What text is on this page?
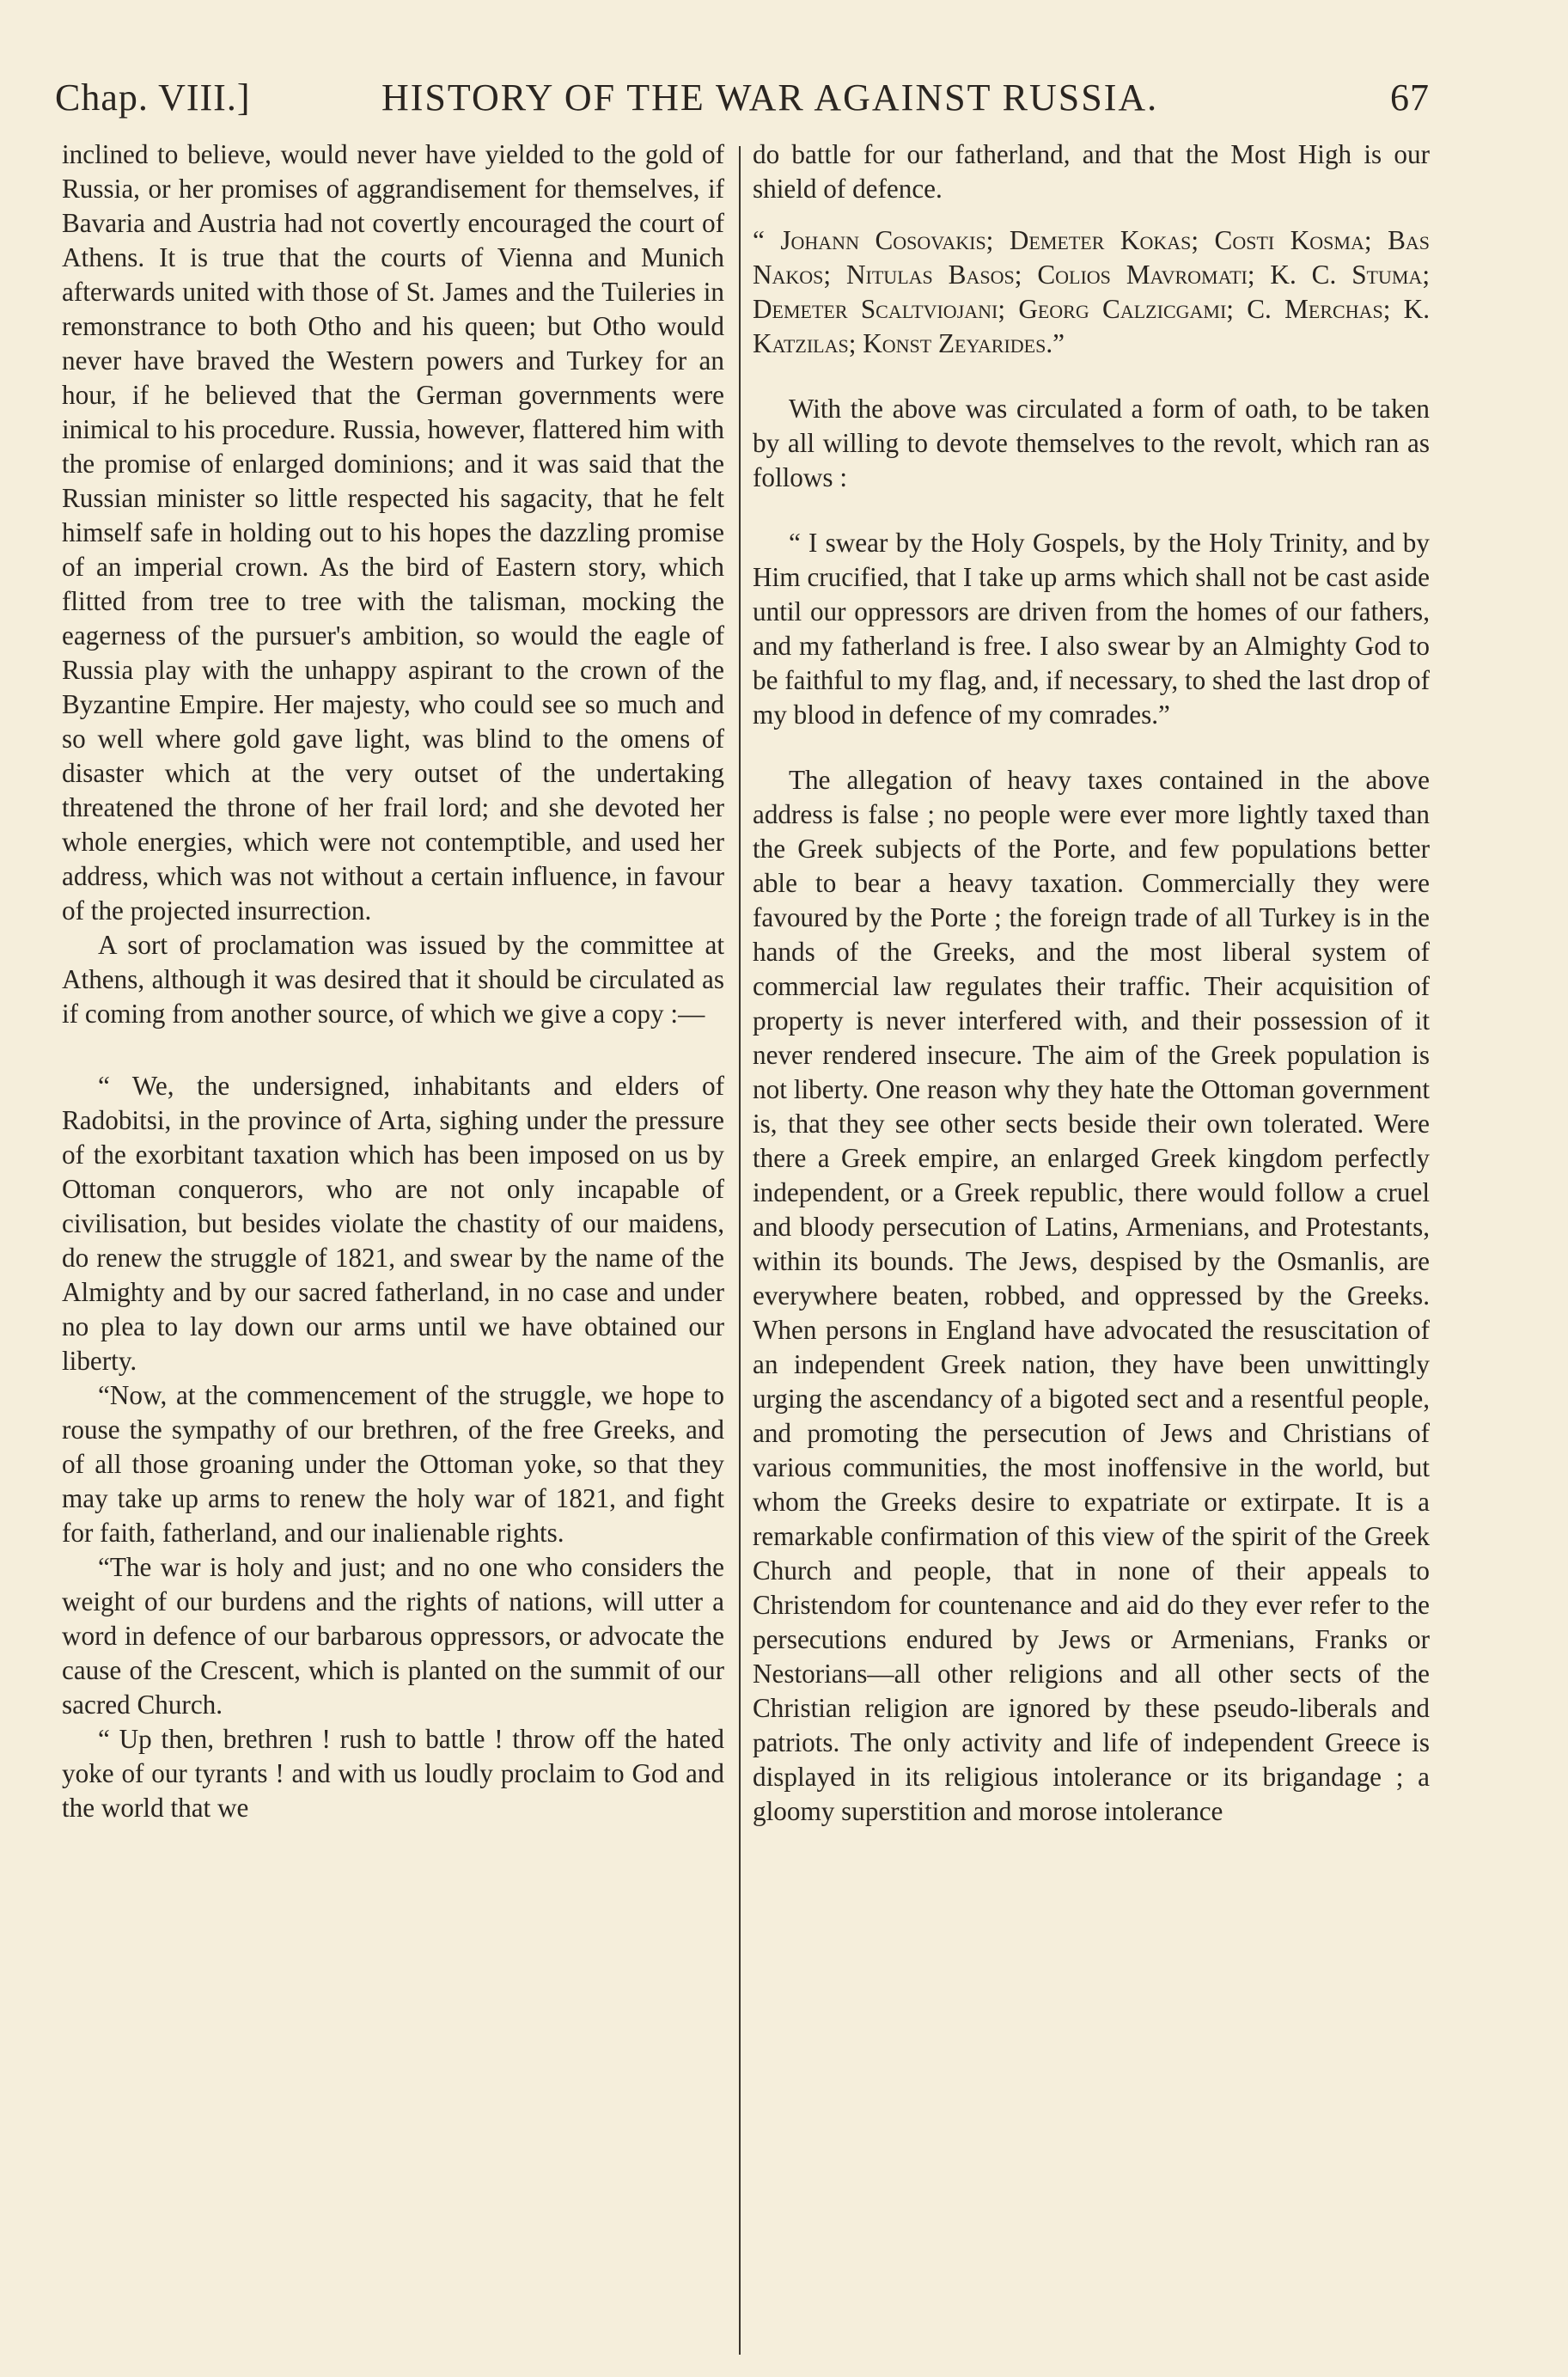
Chap. VIII.]	HISTORY OF THE WAR AGAINST RUSSIA.	67

inclined to believe, would never have yielded to the gold of Russia, or her promises of aggrandisement for themselves, if Bavaria and Austria had not covertly encouraged the court of Athens. It is true that the courts of Vienna and Munich afterwards united with those of St. James and the Tuileries in remonstrance to both Otho and his queen; but Otho would never have braved the Western powers and Turkey for an hour, if he believed that the German governments were inimical to his procedure. Russia, however, flattered him with the promise of enlarged dominions; and it was said that the Russian minister so little respected his sagacity, that he felt himself safe in holding out to his hopes the dazzling promise of an imperial crown. As the bird of Eastern story, which flitted from tree to tree with the talisman, mocking the eagerness of the pursuer's ambition, so would the eagle of Russia play with the unhappy aspirant to the crown of the Byzantine Empire. Her majesty, who could see so much and so well where gold gave light, was blind to the omens of disaster which at the very outset of the undertaking threatened the throne of her frail lord; and she devoted her whole energies, which were not contemptible, and used her address, which was not without a certain influence, in favour of the projected insurrection.

A sort of proclamation was issued by the committee at Athens, although it was desired that it should be circulated as if coming from another source, of which we give a copy :—

“ We, the undersigned, inhabitants and elders of Radobitsi, in the province of Arta, sighing under the pressure of the exorbitant taxation which has been imposed on us by Ottoman conquerors, who are not only incapable of civilisation, but besides violate the chastity of our maidens, do renew the struggle of 1821, and swear by the name of the Almighty and by our sacred fatherland, in no case and under no plea to lay down our arms until we have obtained our liberty.

“Now, at the commencement of the struggle, we hope to rouse the sympathy of our brethren, of the free Greeks, and of all those groaning under the Ottoman yoke, so that they may take up arms to renew the holy war of 1821, and fight for faith, fatherland, and our inalienable rights.

“The war is holy and just; and no one who considers the weight of our burdens and the rights of nations, will utter a word in defence of our barbarous oppressors, or advocate the cause of the Crescent, which is planted on the summit of our sacred Church.

“ Up then, brethren ! rush to battle ! throw off the hated yoke of our tyrants ! and with us loudly proclaim to God and the world that we

do battle for our fatherland, and that the Most High is our shield of defence.

“ Johann Cosovakis; Demeter Kokas; Costi Kosma; Bas Nakos; Nitulas Basos; Colios Mavromati; K. C. Stuma; Demeter Scaltviojani; Georg Calzicgami; C. Merchas; K. Katzilas; Konst Zeyarides.”

With the above was circulated a form of oath, to be taken by all willing to devote themselves to the revolt, which ran as follows :

“ I swear by the Holy Gospels, by the Holy Trinity, and by Him crucified, that I take up arms which shall not be cast aside until our oppressors are driven from the homes of our fathers, and my fatherland is free. I also swear by an Almighty God to be faithful to my flag, and, if necessary, to shed the last drop of my blood in defence of my comrades.”

The allegation of heavy taxes contained in the above address is false ; no people were ever more lightly taxed than the Greek subjects of the Porte, and few populations better able to bear a heavy taxation. Commercially they were favoured by the Porte ; the foreign trade of all Turkey is in the hands of the Greeks, and the most liberal system of commercial law regulates their traffic. Their acquisition of property is never interfered with, and their possession of it never rendered insecure. The aim of the Greek population is not liberty. One reason why they hate the Ottoman government is, that they see other sects beside their own tolerated. Were there a Greek empire, an enlarged Greek kingdom perfectly independent, or a Greek republic, there would follow a cruel and bloody persecution of Latins, Armenians, and Protestants, within its bounds. The Jews, despised by the Osmanlis, are everywhere beaten, robbed, and oppressed by the Greeks. When persons in England have advocated the resuscitation of an independent Greek nation, they have been unwittingly urging the ascendancy of a bigoted sect and a resentful people, and promoting the persecution of Jews and Christians of various communities, the most inoffensive in the world, but whom the Greeks desire to expatriate or extirpate. It is a remarkable confirmation of this view of the spirit of the Greek Church and people, that in none of their appeals to Christendom for countenance and aid do they ever refer to the persecutions endured by Jews or Armenians, Franks or Nestorians—all other religions and all other sects of the Christian religion are ignored by these pseudo-liberals and patriots. The only activity and life of independent Greece is displayed in its religious intolerance or its brigandage ; a gloomy superstition and morose intolerance
